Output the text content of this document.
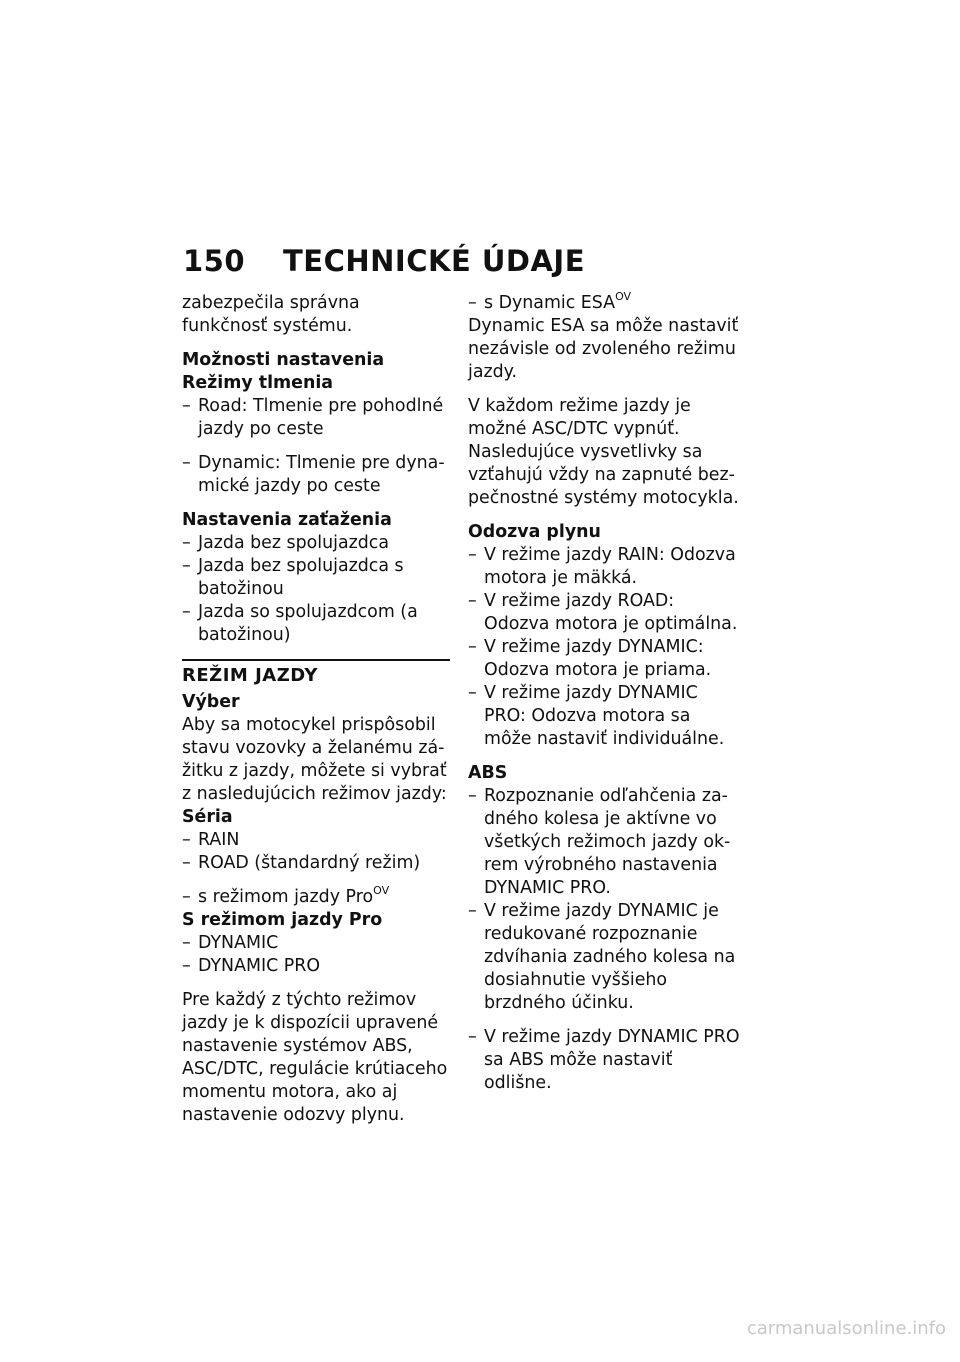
150 TECHNICKÉ ÚDAJE

zabezpečila správna funkčnosť systému.

Možnosti nastavenia
Režimy tlmenia
– Road: Tlmenie pre pohodlné jazdy po ceste
– Dynamic: Tlmenie pre dynamické jazdy po ceste
Nastavenia zaťaženia
– Jazda bez spolujazdca
– Jazda bez spolujazdca s batožinou
– Jazda so spolujazdcom (a batožinou)
REŽIM JAZDY
Výber

Aby sa motocykel prispôsobil stavu vozovky a želanému zážitku z jazdy, môžete si vybrať z nasledujúcich režimov jazdy:

Séria
– RAIN
– ROAD (štandardný režim)
– s režimom jazdy Pro$^{OV}$
S režimom jazdy Pro
– DYNAMIC
– DYNAMIC PRO

Pre každý z týchto režimov jazdy je k dispozícii upravené nastavenie systémov ABS, ASC/DTC, regulácie krútiaceho momentu motora, ako aj nastavenie odozvy plynu.

– s Dynamic $ESA^{OV}$

Dynamic ESA sa môže nastaviť nezávisle od zvoleného režimu jazdy.

V každom režime jazdy je možné ASC/DTC vypnúť. Nasledujúce vysvetlivky sa vzťahujú vždy na zapnuté bezpečnostné systémy motocykla.

Odozva plynu
– V režime jazdy RAIN: Odozva motora je mäkká.
– V režime jazdy ROAD: Odozva motora je optimálna.
– V režime jazdy DYNAMIC: Odozva motora je priama.
– V režime jazdy DYNAMIC PRO: Odozva motora sa môže nastaviť individuálne.
ABS
– Rozpoznanie odľahčenia zadného kolesa je aktívne vo všetkých režimoch jazdy okrem výrobného nastavenia DYNAMIC PRO.
– V režime jazdy DYNAMIC je redukované rozpoznanie zdvíhania zadného kolesa na dosiahnutie vyššieho brzdného účinku.
– V režime jazdy DYNAMIC PRO sa ABS môže nastaviť odlišne.
carmanualsonline.info
